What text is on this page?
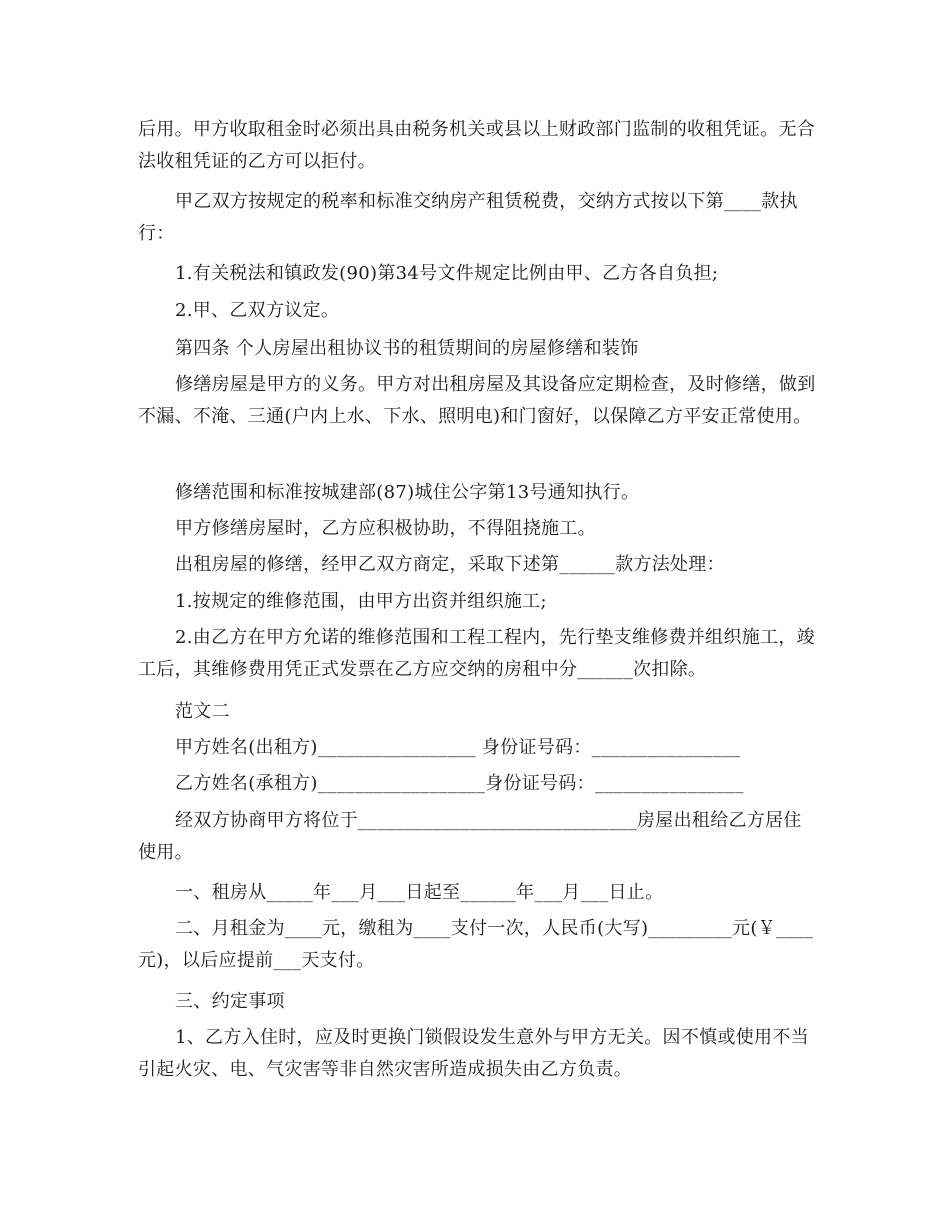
后用。甲方收取租金时必须出具由税务机关或县以上财政部门监制的收租凭证。无合法收租凭证的乙方可以拒付。

甲乙双方按规定的税率和标准交纳房产租赁税费，交纳方式按以下第____款执行：

1.有关税法和镇政发(90)第34号文件规定比例由甲、乙方各自负担;

2.甲、乙双方议定。

第四条 个人房屋出租协议书的租赁期间的房屋修缮和装饰

修缮房屋是甲方的义务。甲方对出租房屋及其设备应定期检查，及时修缮，做到不漏、不淹、三通(户内上水、下水、照明电)和门窗好，以保障乙方平安正常使用。

修缮范围和标准按城建部(87)城住公字第13号通知执行。

甲方修缮房屋时，乙方应积极协助，不得阻挠施工。

出租房屋的修缮，经甲乙双方商定，采取下述第______款方法处理：

1.按规定的维修范围，由甲方出资并组织施工;

2.由乙方在甲方允诺的维修范围和工程工程内，先行垫支维修费并组织施工，竣工后，其维修费用凭正式发票在乙方应交纳的房租中分______次扣除。

范文二

甲方姓名(出租方)_________________ 身份证号码：________________

乙方姓名(承租方)__________________身份证号码：________________

经双方协商甲方将位于______________________________房屋出租给乙方居住使用。

一、租房从_____年___月___日起至______年___月___日止。

二、月租金为____元，缴租为____支付一次，人民币(大写)_________元(￥____元)，以后应提前___天支付。

三、约定事项

1、乙方入住时，应及时更换门锁假设发生意外与甲方无关。因不慎或使用不当引起火灾、电、气灾害等非自然灾害所造成损失由乙方负责。
